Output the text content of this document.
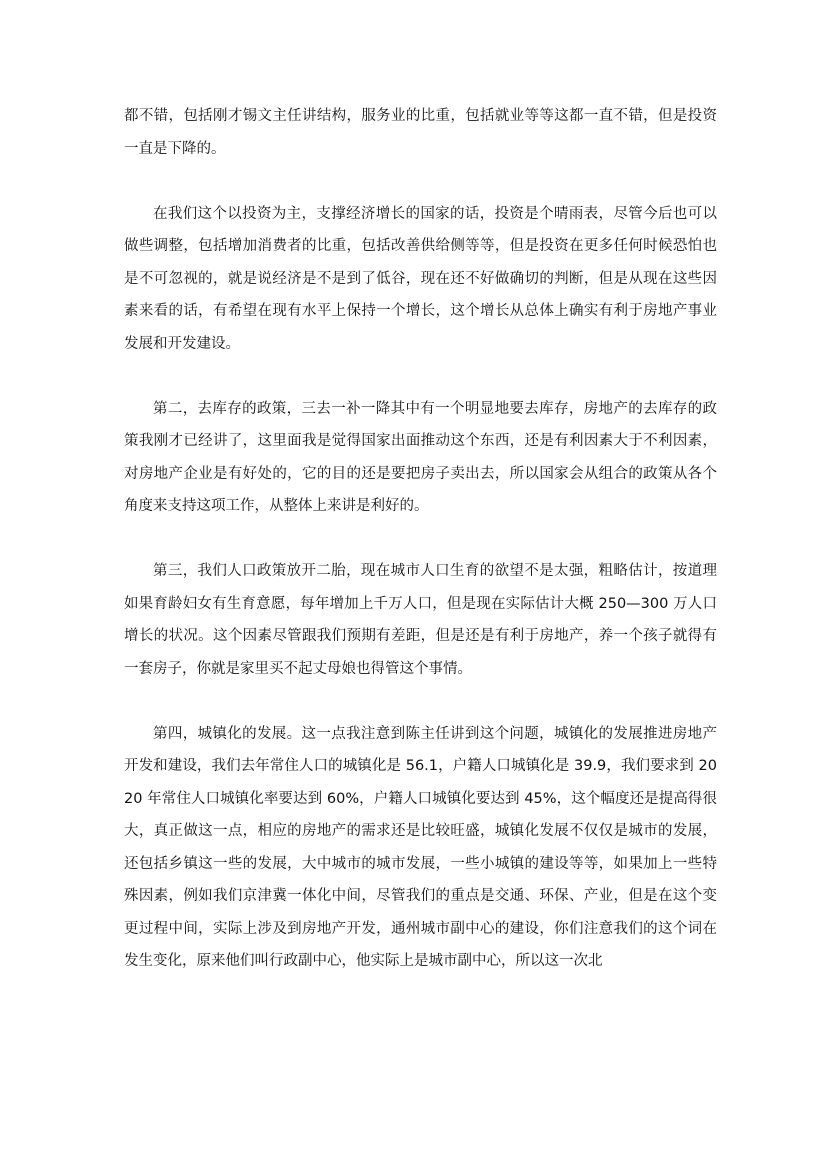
都不错，包括刚才锡文主任讲结构，服务业的比重，包括就业等等这都一直不错，但是投资一直是下降的。

在我们这个以投资为主，支撑经济增长的国家的话，投资是个晴雨表，尽管今后也可以做些调整，包括增加消费者的比重，包括改善供给侧等等，但是投资在更多任何时候恐怕也是不可忽视的，就是说经济是不是到了低谷，现在还不好做确切的判断，但是从现在这些因素来看的话，有希望在现有水平上保持一个增长，这个增长从总体上确实有利于房地产事业发展和开发建设。

第二，去库存的政策，三去一补一降其中有一个明显地要去库存，房地产的去库存的政策我刚才已经讲了，这里面我是觉得国家出面推动这个东西，还是有利因素大于不利因素，对房地产企业是有好处的，它的目的还是要把房子卖出去，所以国家会从组合的政策从各个角度来支持这项工作，从整体上来讲是利好的。

第三，我们人口政策放开二胎，现在城市人口生育的欲望不是太强，粗略估计，按道理如果育龄妇女有生育意愿，每年增加上千万人口，但是现在实际估计大概 250—300 万人口增长的状况。这个因素尽管跟我们预期有差距，但是还是有利于房地产，养一个孩子就得有一套房子，你就是家里买不起丈母娘也得管这个事情。

第四，城镇化的发展。这一点我注意到陈主任讲到这个问题，城镇化的发展推进房地产开发和建设，我们去年常住人口的城镇化是 56.1，户籍人口城镇化是 39.9，我们要求到 2020 年常住人口城镇化率要达到 60%，户籍人口城镇化要达到 45%，这个幅度还是提高得很大，真正做这一点，相应的房地产的需求还是比较旺盛，城镇化发展不仅仅是城市的发展，还包括乡镇这一些的发展，大中城市的城市发展，一些小城镇的建设等等，如果加上一些特殊因素，例如我们京津冀一体化中间，尽管我们的重点是交通、环保、产业，但是在这个变更过程中间，实际上涉及到房地产开发，通州城市副中心的建设，你们注意我们的这个词在发生变化，原来他们叫行政副中心，他实际上是城市副中心，所以这一次北
